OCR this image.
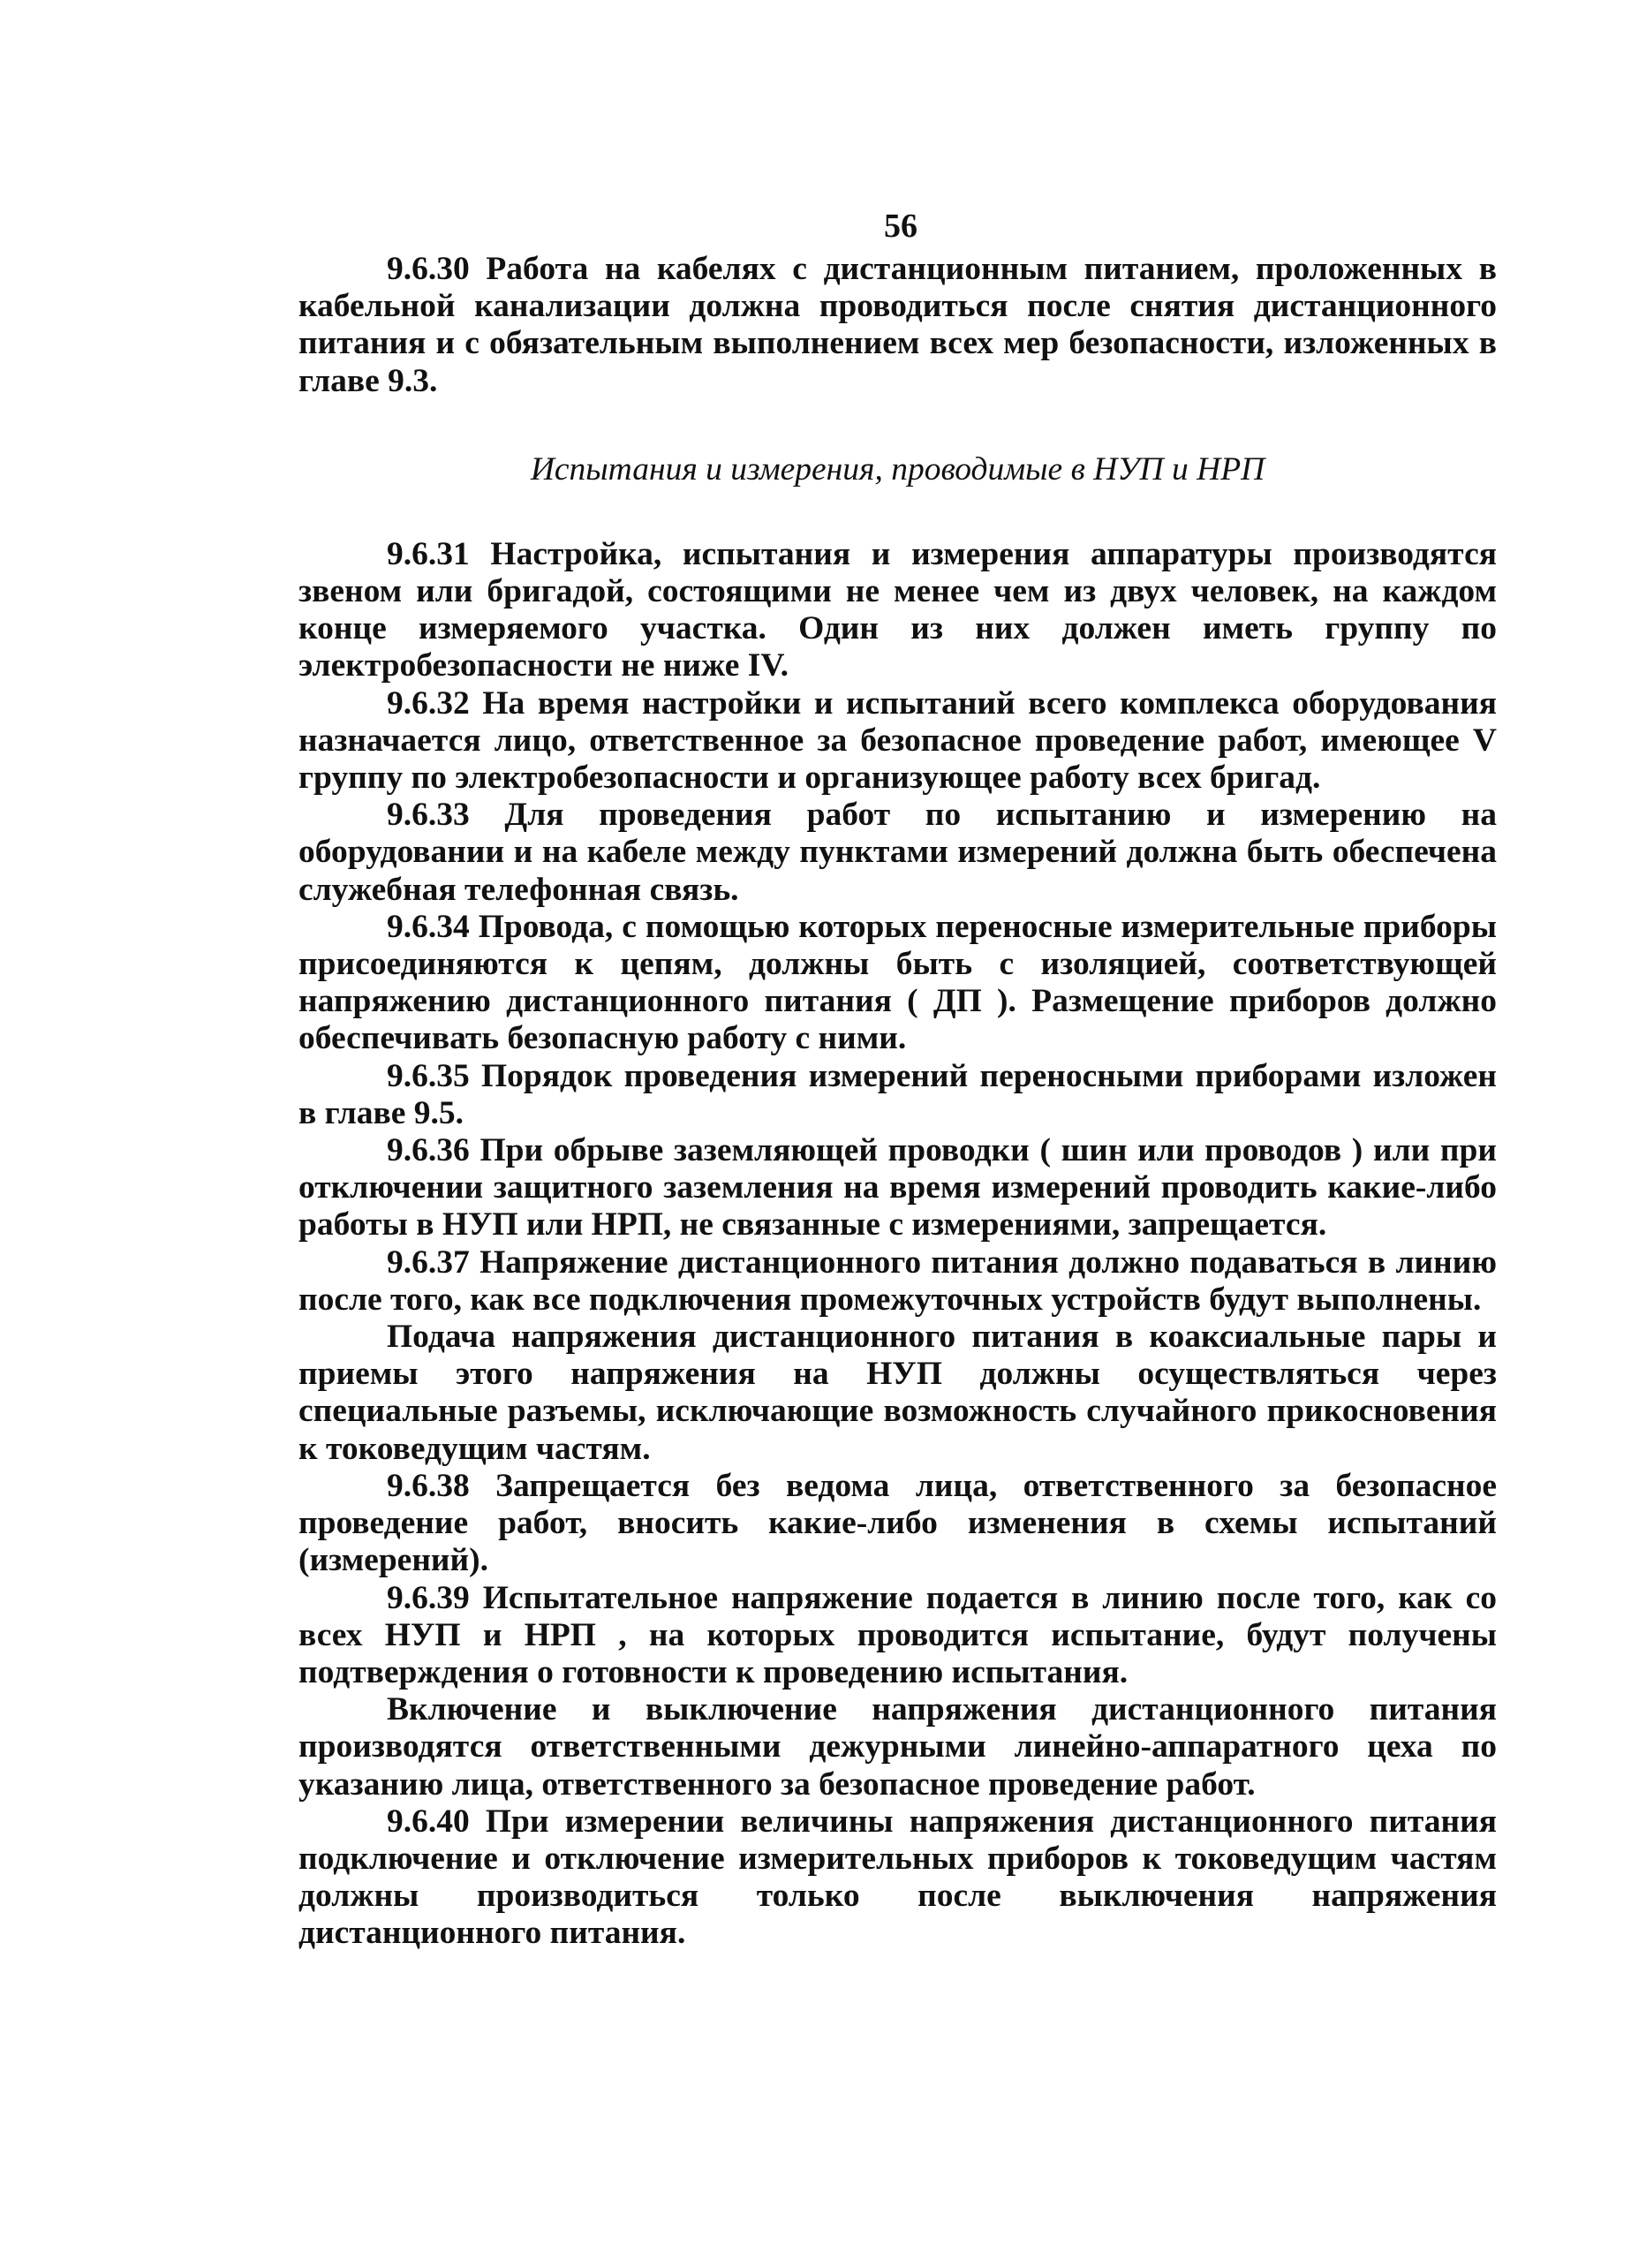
56

9.6.30 Работа на кабелях с дистанционным питанием, проложенных в кабельной канализации должна проводиться после снятия дистанционного питания и с обязательным выполнением всех мер безопасности, изложенных в главе 9.3.

Испытания и измерения, проводимые в НУП и НРП

9.6.31 Настройка, испытания и измерения аппаратуры производятся звеном или бригадой, состоящими не менее чем из двух человек, на каждом конце измеряемого участка. Один из них должен иметь группу по электробезопасности не ниже IV.

9.6.32 На время настройки и испытаний всего комплекса оборудования назначается лицо, ответственное за безопасное проведение работ, имеющее V группу по электробезопасности и организующее работу всех бригад.

9.6.33 Для проведения работ по испытанию и измерению на оборудовании и на кабеле между пунктами измерений должна быть обеспечена служебная телефонная связь.

9.6.34 Провода, с помощью которых переносные измерительные приборы присоединяются к цепям, должны быть с изоляцией, соответствующей напряжению дистанционного питания ( ДП ). Размещение приборов должно обеспечивать безопасную работу с ними.

9.6.35 Порядок проведения измерений переносными приборами изложен в главе 9.5.

9.6.36 При обрыве заземляющей проводки ( шин или проводов ) или при отключении защитного заземления на время измерений проводить какие-либо работы в НУП или НРП, не связанные с измерениями, запрещается.

9.6.37 Напряжение дистанционного питания должно подаваться в линию после того, как все подключения промежуточных устройств будут выполнены.

Подача напряжения дистанционного питания в коаксиальные пары и приемы этого напряжения на НУП должны осуществляться через специальные разъемы, исключающие возможность случайного прикосновения к токоведущим частям.

9.6.38 Запрещается без ведома лица, ответственного за безопасное проведение работ, вносить какие-либо изменения в схемы испытаний (измерений).

9.6.39 Испытательное напряжение подается в линию после того, как со всех НУП и НРП , на которых проводится испытание, будут получены подтверждения о готовности к проведению испытания.

Включение и выключение напряжения дистанционного питания производятся ответственными дежурными линейно-аппаратного цеха по указанию лица, ответственного за безопасное проведение работ.

9.6.40 При измерении величины напряжения дистанционного питания подключение и отключение измерительных приборов к токоведущим частям должны производиться только после выключения напряжения дистанционного питания.
